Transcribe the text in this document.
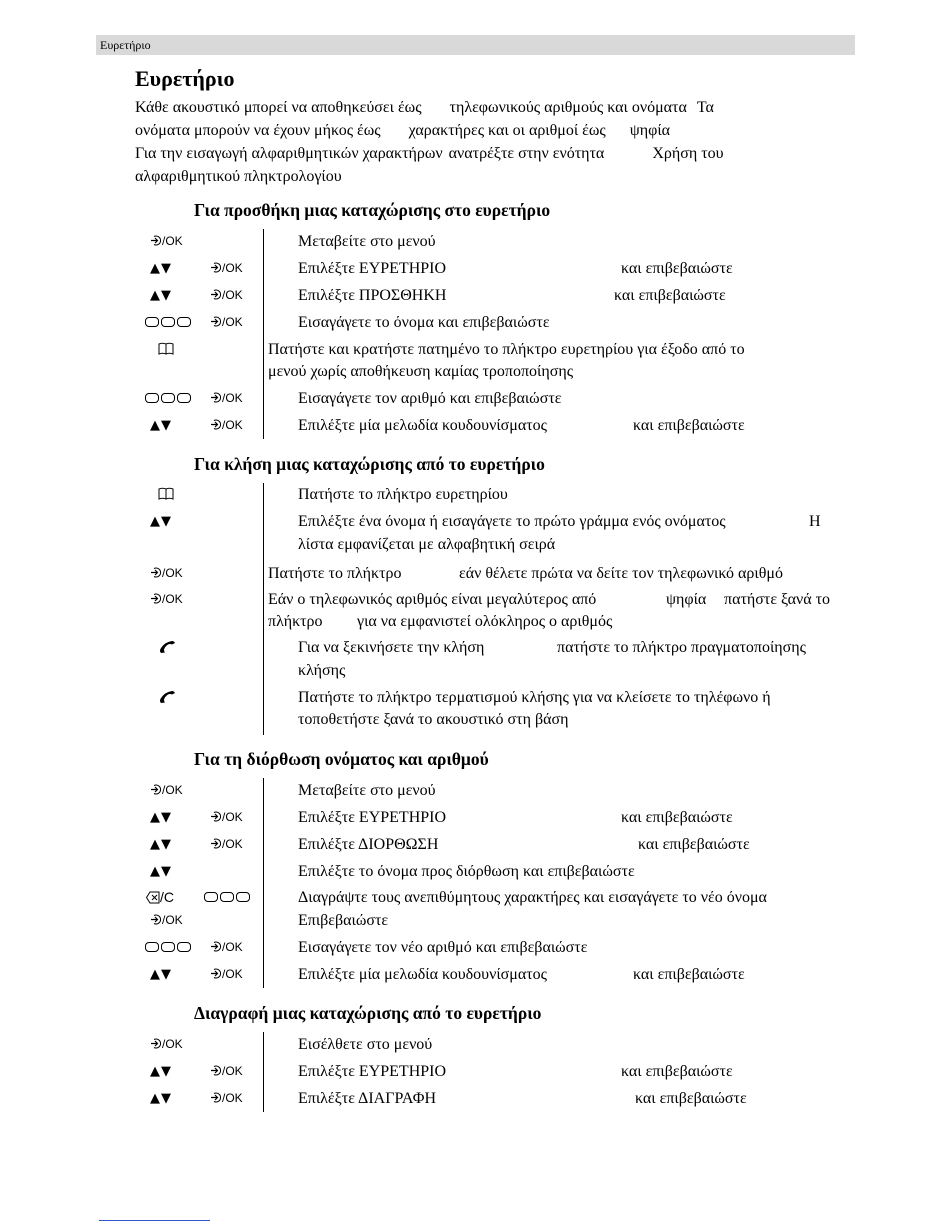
Ευρετήριο
Ευρετήριο
Κάθε ακουστικό μπορεί να αποθηκεύσει έως τηλεφωνικούς αριθμούς και ονόματα Τα
ονόματα μπορούν να έχουν μήκος έως χαρακτήρες και οι αριθμοί έως ψηφία
Για την εισαγωγή αλφαριθμητικών χαρακτήρων ανατρέξτε στην ενότητα	Χρήση του
αλφαριθμητικού πληκτρολογίου
Για προσθήκη μιας καταχώρισης στο ευρετήριο
/OK	Μεταβείτε στο μενού
▲▼	/OK	Επιλέξτε ΕΥΡΕΤΗΡΙΟ	και επιβεβαιώστε
▲▼	/OK	Επιλέξτε ΠΡΟΣΘΗΚΗ	και επιβεβαιώστε
/OK	Εισαγάγετε το όνομα και επιβεβαιώστε
Πατήστε και κρατήστε πατημένο το πλήκτρο ευρετηρίου για έξοδο από το
μενού χωρίς αποθήκευση καμίας τροποποίησης
/OK	Εισαγάγετε τον αριθμό και επιβεβαιώστε
▲▼	/OK	Επιλέξτε μία μελωδία κουδουνίσματος	και επιβεβαιώστε
Για κλήση μιας καταχώρισης από το ευρετήριο
Πατήστε το πλήκτρο ευρετηρίου
▲▼	Επιλέξτε ένα όνομα ή εισαγάγετε το πρώτο γράμμα ενός ονόματος	Η
λίστα εμφανίζεται με αλφαβητική σειρά
/OK	Πατήστε το πλήκτρο	εάν θέλετε πρώτα να δείτε τον τηλεφωνικό αριθμό
/OK	Εάν ο τηλεφωνικός αριθμός είναι μεγαλύτερος από	ψηφία πατήστε ξανά το
πλήκτρο για να εμφανιστεί ολόκληρος ο αριθμός
Για να ξεκινήσετε την κλήση	πατήστε το πλήκτρο πραγματοποίησης
κλήσης
Πατήστε το πλήκτρο τερματισμού κλήσης για να κλείσετε το τηλέφωνο ή
τοποθετήστε ξανά το ακουστικό στη βάση
Για τη διόρθωση ονόματος και αριθμού
/OK	Μεταβείτε στο μενού
▲▼	/OK	Επιλέξτε ΕΥΡΕΤΗΡΙΟ	και επιβεβαιώστε
▲▼	/OK	Επιλέξτε ΔΙΟΡΘΩΣΗ	και επιβεβαιώστε
▲▼	Επιλέξτε το όνομα προς διόρθωση και επιβεβαιώστε
/C	Διαγράψτε τους ανεπιθύμητους χαρακτήρες και εισαγάγετε το νέο όνομα
/OK	Επιβεβαιώστε
/OK	Εισαγάγετε τον νέο αριθμό και επιβεβαιώστε
▲▼	/OK	Επιλέξτε μία μελωδία κουδουνίσματος	και επιβεβαιώστε
Διαγραφή μιας καταχώρισης από το ευρετήριο
/OK	Εισέλθετε στο μενού
▲▼	/OK	Επιλέξτε ΕΥΡΕΤΗΡΙΟ	και επιβεβαιώστε
▲▼	/OK	Επιλέξτε ΔΙΑΓΡΑΦΗ	και επιβεβαιώστε
